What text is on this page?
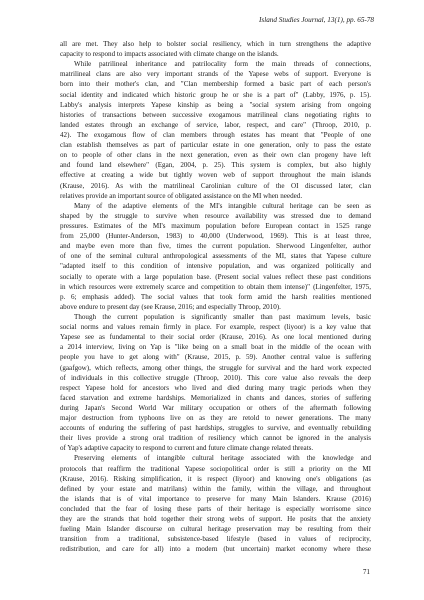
Island Studies Journal, 13(1), pp. 65-78
all are met. They also help to bolster social resiliency, which in turn strengthens the adaptive
capacity to respond to impacts associated with climate change on the islands.
While patrilineal inheritance and patrilocality form the main threads of connections,
matrilineal clans are also very important strands of the Yapese webs of support. Everyone is
born into their mother's clan, and "Clan membership formed a basic part of each person's
social identity and indicated which historic group he or she is a part of" (Labby, 1976, p. 15).
Labby's analysis interprets Yapese kinship as being a "social system arising from ongoing
histories of transactions between successive exogamous matrilineal clans negotiating rights to
landed estates through an exchange of service, labor, respect, and care" (Throop, 2010, p.
42). The exogamous flow of clan members through estates has meant that "People of one
clan establish themselves as part of particular estate in one generation, only to pass the estate
on to people of other clans in the next generation, even as their own clan progeny have left
and found land elsewhere" (Egan, 2004, p. 25). This system is complex, but also highly
effective at creating a wide but tightly woven web of support throughout the main islands
(Krause, 2016). As with the matrilineal Carolinian culture of the OI discussed later, clan
relatives provide an important source of obligated assistance on the MI when needed.
Many of the adaptive elements of the MI's intangible cultural heritage can be seen as
shaped by the struggle to survive when resource availability was stressed due to demand
pressures. Estimates of the MI's maximum population before European contact in 1525 range
from 25,000 (Hunter-Anderson, 1983) to 40,000 (Underwood, 1969). This is at least three,
and maybe even more than five, times the current population. Sherwood Lingenfelter, author
of one of the seminal cultural anthropological assessments of the MI, states that Yapese culture
"adapted itself to this condition of intensive population, and was organized politically and
socially to operate with a large population base. (Present social values reflect these past conditions
in which resources were extremely scarce and competition to obtain them intense)" (Lingenfelter, 1975,
p. 6; emphasis added). The social values that took form amid the harsh realities mentioned
above endure to present day (see Krause, 2016; and especially Throop, 2010).
Though the current population is significantly smaller than past maximum levels, basic
social norms and values remain firmly in place. For example, respect (liyoor) is a key value that
Yapese see as fundamental to their social order (Krause, 2016). As one local mentioned during
a 2014 interview, living on Yap is "like being on a small boat in the middle of the ocean with
people you have to get along with" (Krause, 2015, p. 59). Another central value is suffering
(gaafgow), which reflects, among other things, the struggle for survival and the hard work expected
of individuals in this collective struggle (Throop, 2010). This core value also reveals the deep
respect Yapese hold for ancestors who lived and died during many tragic periods when they
faced starvation and extreme hardships. Memorialized in chants and dances, stories of suffering
during Japan's Second World War military occupation or others of the aftermath following
major destruction from typhoons live on as they are retold to newer generations. The many
accounts of enduring the suffering of past hardships, struggles to survive, and eventually rebuilding
their lives provide a strong oral tradition of resiliency which cannot be ignored in the analysis
of Yap's adaptive capacity to respond to current and future climate change related threats.
Preserving elements of intangible cultural heritage associated with the knowledge and
protocols that reaffirm the traditional Yapese sociopolitical order is still a priority on the MI
(Krause, 2016). Risking simplification, it is respect (liyoor) and knowing one's obligations (as
defined by your estate and matrilans) within the family, within the village, and throughout
the islands that is of vital importance to preserve for many Main Islanders. Krause (2016)
concluded that the fear of losing these parts of their heritage is especially worrisome since
they are the strands that hold together their strong webs of support. He posits that the anxiety
fueling Main Islander discourse on cultural heritage preservation may be resulting from their
transition from a traditional, subsistence-based lifestyle (based in values of reciprocity,
redistribution, and care for all) into a modern (but uncertain) market economy where these
71
